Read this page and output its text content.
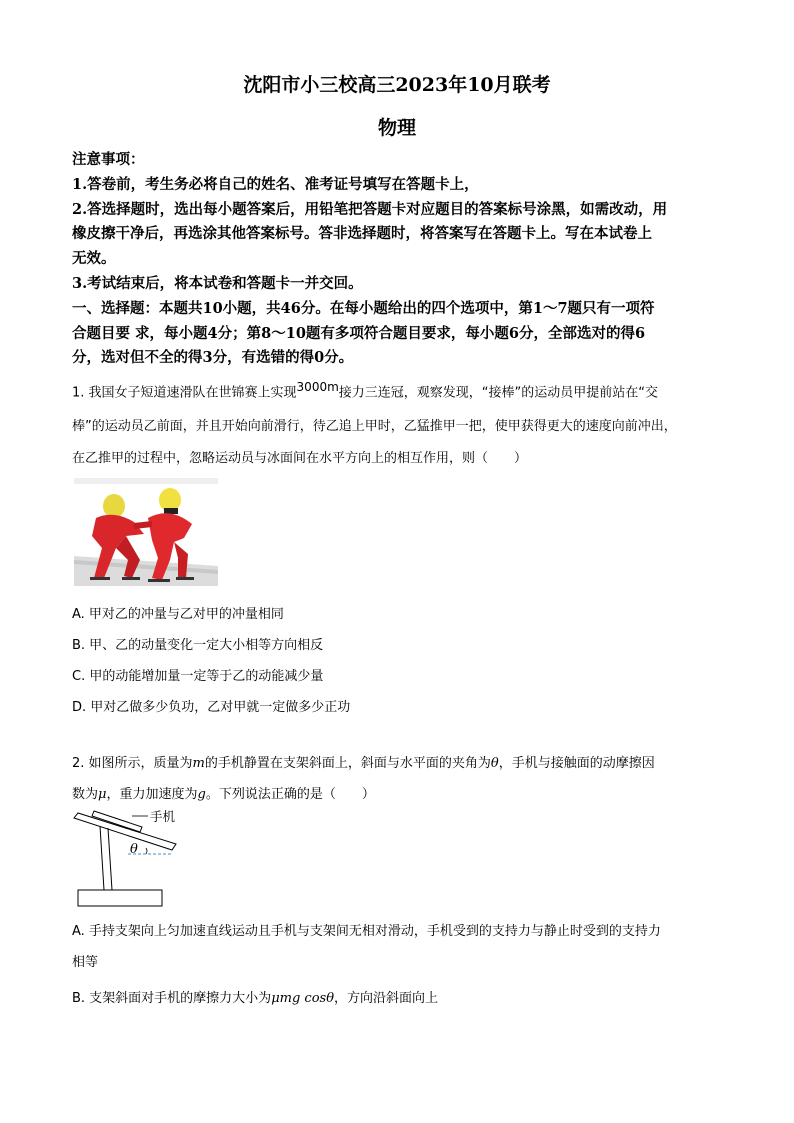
沈阳市小三校高三2023年10月联考
物理
注意事项：
1.答卷前，考生务必将自己的姓名、准考证号填写在答题卡上，
2.答选择题时，选出每小题答案后，用铅笔把答题卡对应题目的答案标号涂黑，如需改动，用
橡皮擦干净后，再选涂其他答案标号。答非选择题时，将答案写在答题卡上。写在本试卷上
无效。
3.考试结束后，将本试卷和答题卡一并交回。
一、选择题：本题共10小题，共46分。在每小题给出的四个选项中，第1～7题只有一项符
合题目要 求，每小题4分；第8～10题有多项符合题目要求，每小题6分，全部选对的得6
分，选对但不全的得3分，有选错的得0分。
1. 我国女子短道速滑队在世锦赛上实现$^{3000m}$接力三连冠，观察发现，“接棒”的运动员甲提前站在“交
棒”的运动员乙前面，并且开始向前滑行，待乙追上甲时，乙猛推甲一把，使甲获得更大的速度向前冲出，
在乙推甲的过程中，忽略运动员与冰面间在水平方向上的相互作用，则（　　）
A. 甲对乙的冲量与乙对甲的冲量相同
B. 甲、乙的动量变化一定大小相等方向相反
C. 甲的动能增加量一定等于乙的动能减少量
D. 甲对乙做多少负功，乙对甲就一定做多少正功
2. 如图所示，质量为m的手机静置在支架斜面上，斜面与水平面的夹角为θ，手机与接触面的动摩擦因
数为μ，重力加速度为g。下列说法正确的是（　　）
手机
θ
A. 手持支架向上匀加速直线运动且手机与支架间无相对滑动，手机受到的支持力与静止时受到的支持力
相等
B. 支架斜面对手机的摩擦力大小为μmg cosθ，方向沿斜面向上
